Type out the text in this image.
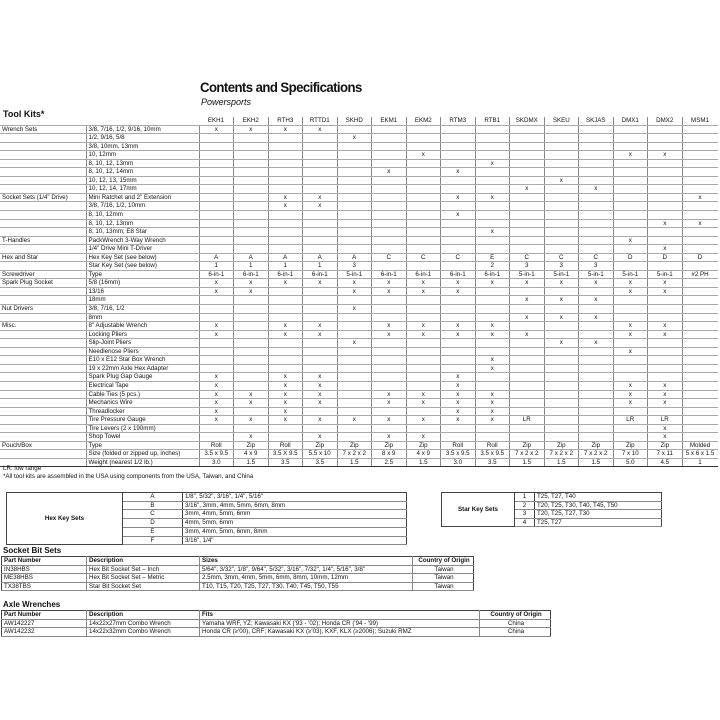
Contents and Specifications
Powersports
Tool Kits*
		EKH1	EKH2	RTH3	RTTD1	SKHD	EKM1	EKM2	RTM3	RTB1	SKDMX	SKEU	SKJAS	DMX1	DMX2	MSM1
Wrench Sets	3/8, 7/16, 1/2, 9/16, 10mm	x	x	x	x											
	1/2, 9/16, 5/8					x										
	3/8, 10mm, 13mm															
	10, 12mm							x						x	x	
	8, 10, 12, 13mm									x						
	8, 10, 12, 14mm						x		x							
	10, 12, 13, 15mm											x				
	10, 12, 14, 17mm										x		x			
Socket Sets (1/4" Drive)	Mini Ratchet and 2" Extension			x	x				x	x						x
	3/8, 7/16, 1/2, 10mm			x	x											
	8, 10, 12mm								x							
	8, 10, 12, 13mm														x	x
	8, 10, 13mm; E8 Star									x						
T-Handles	PackWrench 3-Way Wrench													x		
	1/4" Drive Mini T-Driver														x	
Hex and Star	Hex Key Set (see below)	A	A	A	A	A	C	C	C	E	C	C	C	D	D	D
	Star Key Set (see below)	1	1	1	1	3				2	3	3	3			
Screwdriver	Type	6-in-1	6-in-1	6-in-1	6-in-1	5-in-1	6-in-1	6-in-1	6-in-1	6-in-1	5-in-1	5-in-1	5-in-1	5-in-1	5-in-1	#2 PH
Spark Plug Socket	5/8 (16mm)	x	x	x	x	x	x	x	x	x	x	x	x	x	x	
	13/16	x	x			x	x	x	x					x	x	
	18mm										x	x	x			
Nut Drivers	3/8, 7/16, 1/2					x										
	8mm										x	x	x			
Misc.	8" Adjustable Wrench	x		x	x		x	x	x	x				x	x	
	Locking Pliers	x		x	x		x	x	x	x	x			x	x	
	Slip-Joint Pliers					x						x	x			
	Needlenose Pliers													x		
	E10 x E12 Star Box Wrench									x						
	19 x 22mm Axle Hex Adapter									x						
	Spark Plug Gap Gauge	x		x	x				x							
	Electrical Tape	x		x	x				x					x	x	
	Cable Ties (5 pcs.)	x	x	x	x		x	x	x	x				x	x	
	Mechanics Wire	x	x	x	x		x	x	x	x				x	x	
	Threadlocker	x		x					x	x						
	Tire Pressure Gauge	x	x	x	x	x	x	x	x	x	LR			LR	LR	
	Tire Levers (2 x 190mm)														x	
	Shop Towel		x		x		x	x							x	
Pouch/Box	Type	Roll	Zip	Roll	Zip	Zip	Zip	Zip	Roll	Roll	Zip	Zip	Zip	Zip	Zip	Molded
	Size (folded or zipped up, inches)	3.5 x 9.5	4 x 9	3.5 X 9.5	5.5 x 10	7 x 2 x 2	8 x 9	4 x 9	3.5 x 9.5	3.5 x 9.5	7 x 2 x 2	7 x 2 x 2	7 x 2 x 2	7 x 10	7 x 11	5 x 6 x 1.5
	Weight (nearest 1/2 lb.)	3.0	1.5	3.5	3.5	1.5	2.5	1.5	3.0	3.5	1.5	1.5	1.5	5.0	4.5	1
LR: low range
*All tool kits are assembled in the USA using components from the USA, Taiwan, and China
Hex Key Sets	A	1/8", 5/32", 3/16", 1/4", 5/16"
	B	3/16", 3mm, 4mm, 5mm, 6mm, 8mm
	C	3mm, 4mm, 5mm, 6mm
	D	4mm, 5mm, 6mm
	E	3mm, 4mm, 5mm, 6mm, 8mm
	F	3/16", 1/4"
Star Key Sets	1	T25, T27, T40
	2	T20, T25, T30, T40, T45, T50
	3	T20, T25, T27, T30
	4	T25, T27
Socket Bit Sets
Part Number	Description	Sizes	Country of Origin
IN38HBS	Hex Bit Socket Set – Inch	5/64", 3/32", 1/8", 9/64", 5/32", 3/16", 7/32", 1/4", 5/16", 3/8"	Taiwan
ME38HBS	Hex Bit Socket Set – Metric	2.5mm, 3mm, 4mm, 5mm, 6mm, 8mm, 10mm, 12mm	Taiwan
TX38TBS	Star Bit Socket Set	T10, T15, T20, T25, T27, T30, T40, T45, T50, T55	Taiwan
Axle Wrenches
Part Number	Description	Fits	Country of Origin
AW142227	14x22x27mm Combo Wrench	Yamaha WRF, YZ; Kawasaki KX ('93 - '02); Honda CR ('94 - '99)	China
AW142232	14x22x32mm Combo Wrench	Honda CR (≥'00), CRF; Kawasaki KX (≥'03), KXF, KLX (≥2006); Suzuki RMZ	China
